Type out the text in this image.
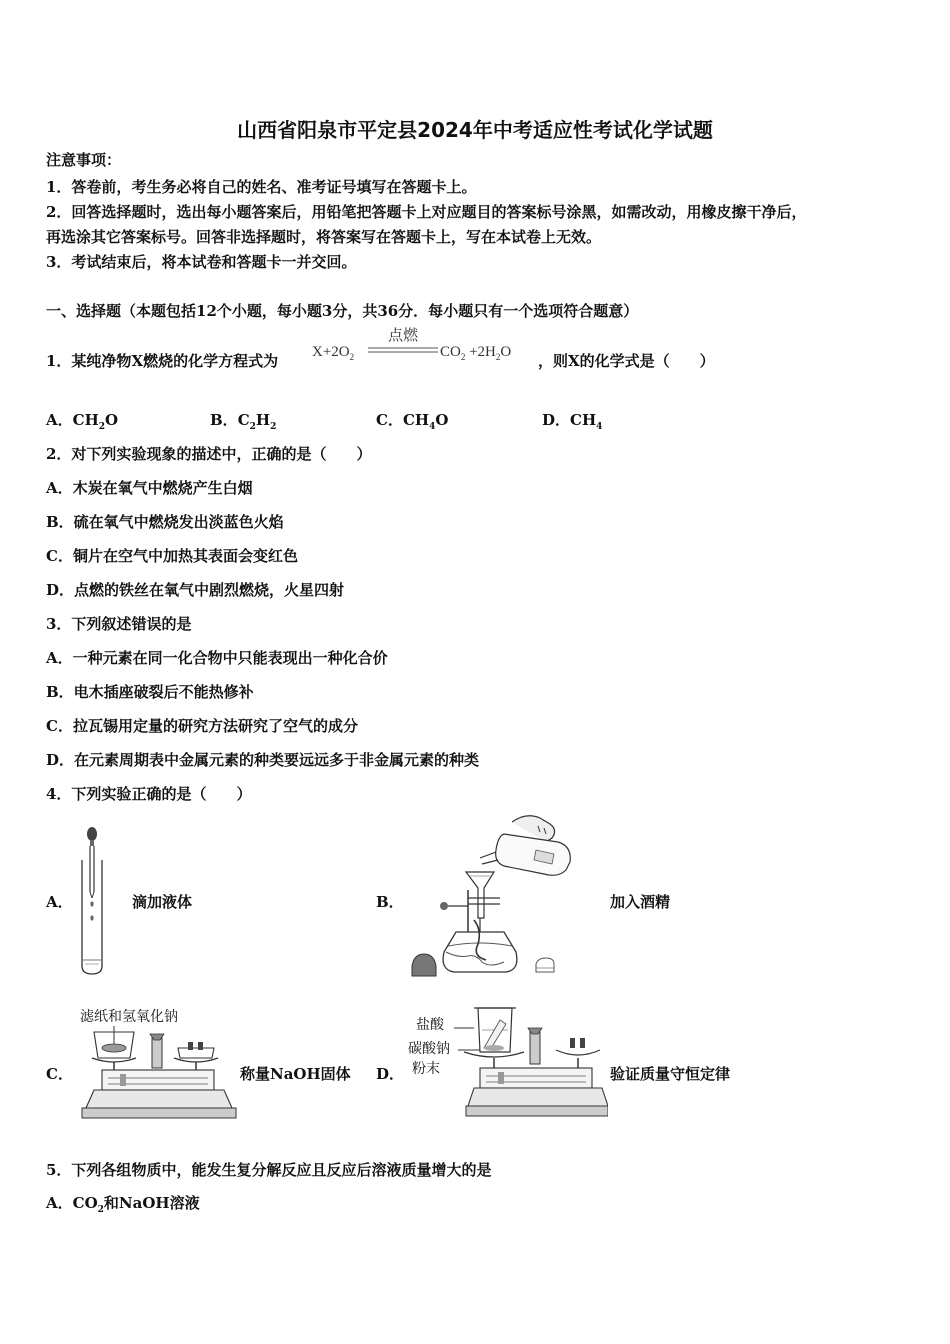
山西省阳泉市平定县2024年中考适应性考试化学试题
注意事项：
1．答卷前，考生务必将自己的姓名、准考证号填写在答题卡上。
2．回答选择题时，选出每小题答案后，用铅笔把答题卡上对应题目的答案标号涂黑，如需改动，用橡皮擦干净后，
再选涂其它答案标号。回答非选择题时，将答案写在答题卡上，写在本试卷上无效。
3．考试结束后，将本试卷和答题卡一并交回。
一、选择题（本题包括12个小题，每小题3分，共36分．每小题只有一个选项符合题意）
1．某纯净物X燃烧的化学方程式为
点燃
$X+2O_2$	$CO_2 +2H_2O$ ，则X的化学式是（　　）
A．$CH_2O$	B．$C_2H_2$	C．$CH_4O$	D．$CH_4$
2．对下列实验现象的描述中，正确的是（　　）
A．木炭在氧气中燃烧产生白烟
B．硫在氧气中燃烧发出淡蓝色火焰
C．铜片在空气中加热其表面会变红色
D．点燃的铁丝在氧气中剧烈燃烧，火星四射
3．下列叙述错误的是
A．一种元素在同一化合物中只能表现出一种化合价
B．电木插座破裂后不能热修补
C．拉瓦锡用定量的研究方法研究了空气的成分
D．在元素周期表中金属元素的种类要远远多于非金属元素的种类
4．下列实验正确的是（　　）
A．	滴加液体	B．	加入酒精
C．
滤纸和氢氧化钠
称量NaOH固体 D．
盐酸
碳酸钠
粉末	验证质量守恒定律
5．下列各组物质中，能发生复分解反应且反应后溶液质量增大的是
A．$CO_2$和NaOH溶液
